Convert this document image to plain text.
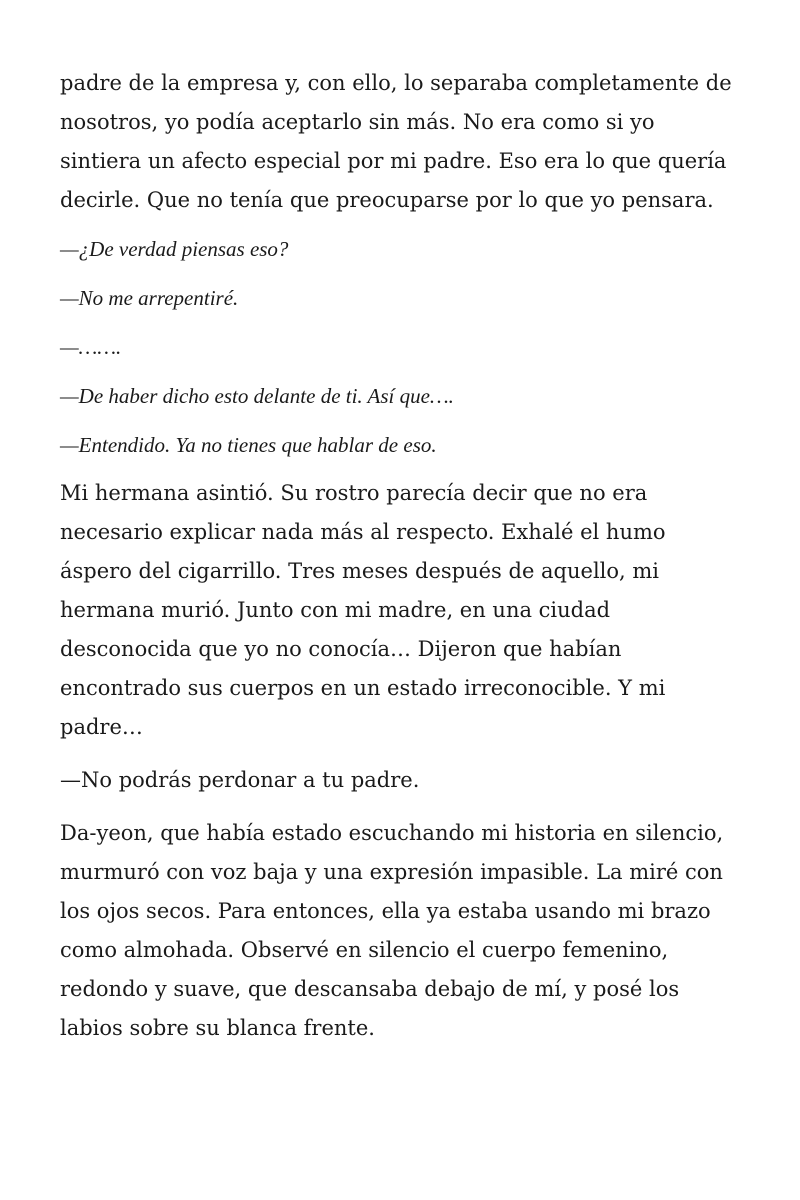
padre de la empresa y, con ello, lo separaba completamente de nosotros, yo podía aceptarlo sin más. No era como si yo sintiera un afecto especial por mi padre. Eso era lo que quería decirle. Que no tenía que preocuparse por lo que yo pensara.

—¿De verdad piensas eso?

—No me arrepentiré.

—…….

—De haber dicho esto delante de ti. Así que….

—Entendido. Ya no tienes que hablar de eso.

Mi hermana asintió. Su rostro parecía decir que no era necesario explicar nada más al respecto. Exhalé el humo áspero del cigarrillo. Tres meses después de aquello, mi hermana murió. Junto con mi madre, en una ciudad desconocida que yo no conocía… Dijeron que habían encontrado sus cuerpos en un estado irreconocible. Y mi padre…

—No podrás perdonar a tu padre.

Da-yeon, que había estado escuchando mi historia en silencio, murmuró con voz baja y una expresión impasible. La miré con los ojos secos. Para entonces, ella ya estaba usando mi brazo como almohada. Observé en silencio el cuerpo femenino, redondo y suave, que descansaba debajo de mí, y posé los labios sobre su blanca frente.
